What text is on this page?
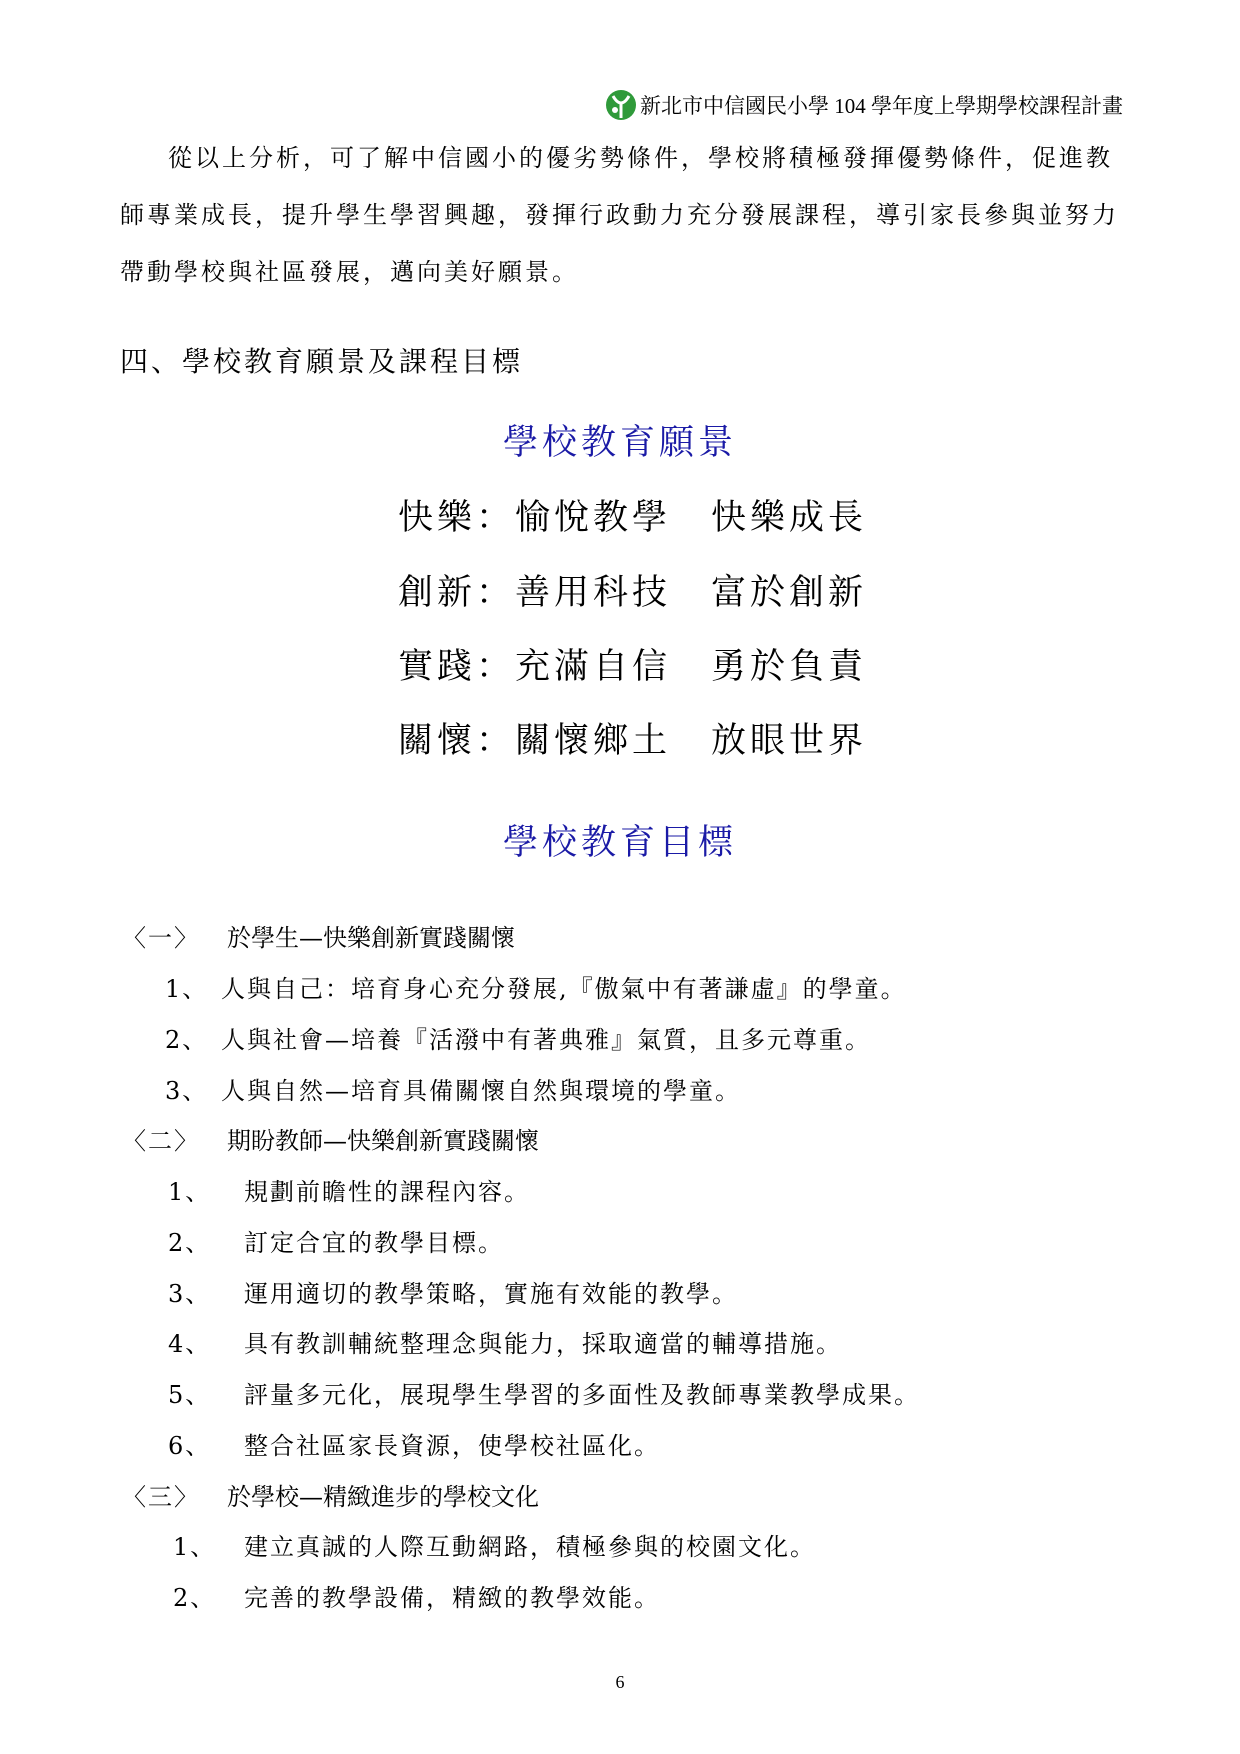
新北市中信國民小學 104 學年度上學期學校課程計畫
從以上分析，可了解中信國小的優劣勢條件，學校將積極發揮優勢條件，促進教師專業成長，提升學生學習興趣，發揮行政動力充分發展課程，導引家長參與並努力帶動學校與社區發展，邁向美好願景。
四、學校教育願景及課程目標
學校教育願景
快樂：愉悅教學 快樂成長
創新：善用科技 富於創新
實踐：充滿自信 勇於負責
關懷：關懷鄉土 放眼世界
學校教育目標
〈一〉 於學生—快樂創新實踐關懷
1、 人與自己：培育身心充分發展,『傲氣中有著謙虛』的學童。
2、 人與社會—培養『活潑中有著典雅』氣質，且多元尊重。
3、 人與自然—培育具備關懷自然與環境的學童。
〈二〉 期盼教師—快樂創新實踐關懷
1、 規劃前瞻性的課程內容。
2、 訂定合宜的教學目標。
3、 運用適切的教學策略，實施有效能的教學。
4、 具有教訓輔統整理念與能力，採取適當的輔導措施。
5、 評量多元化，展現學生學習的多面性及教師專業教學成果。
6、 整合社區家長資源，使學校社區化。
〈三〉 於學校—精緻進步的學校文化
1、 建立真誠的人際互動網路，積極參與的校園文化。
2、 完善的教學設備，精緻的教學效能。
6
